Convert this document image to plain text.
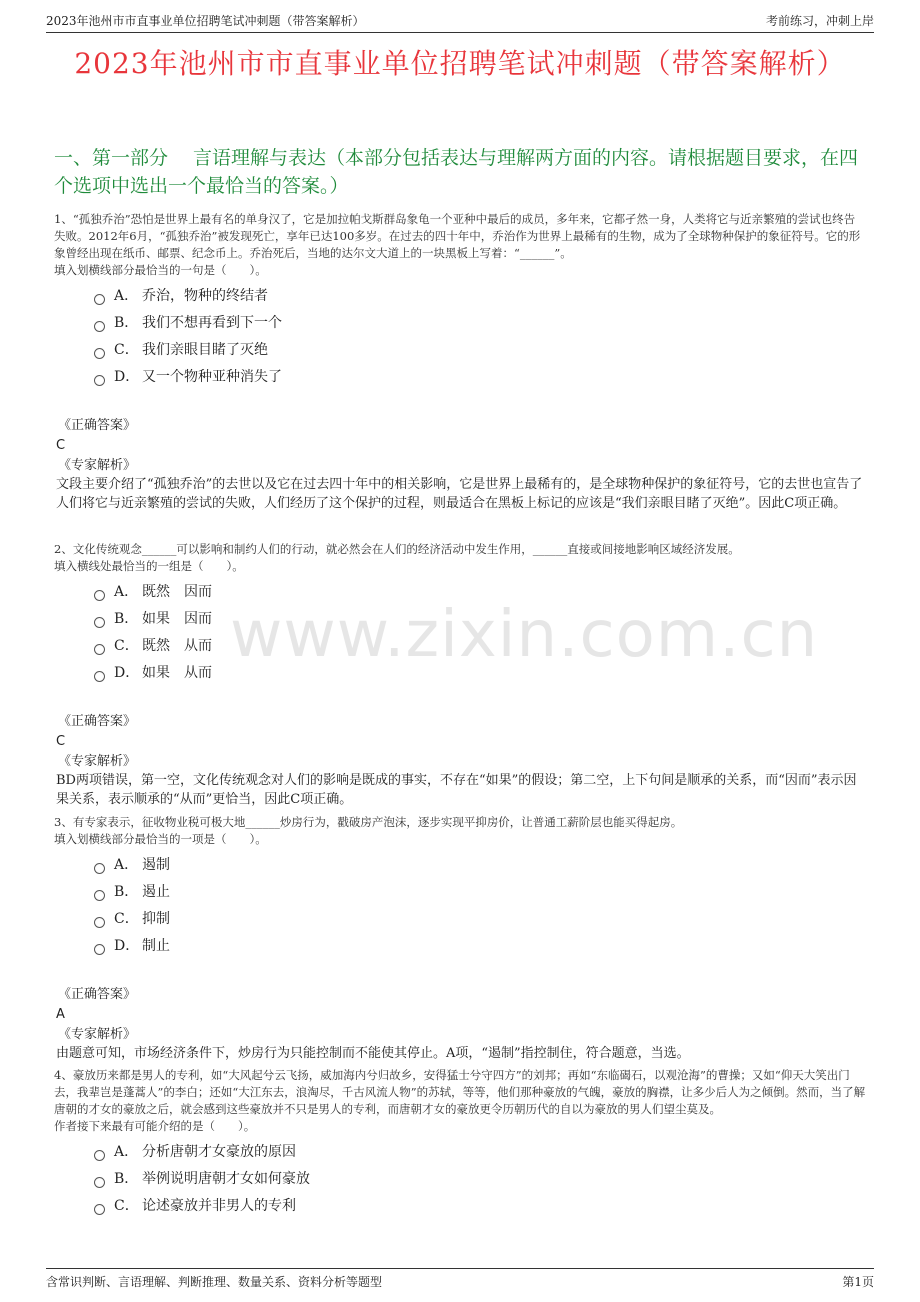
2023年池州市市直事业单位招聘笔试冲刺题（带答案解析）	考前练习，冲刺上岸
2023年池州市市直事业单位招聘笔试冲刺题（带答案解析）
一、第一部分　 言语理解与表达（本部分包括表达与理解两方面的内容。请根据题目要求，在四个选项中选出一个最恰当的答案。）
www.zixin.com.cn

1、“孤独乔治”恐怕是世界上最有名的单身汉了，它是加拉帕戈斯群岛象龟一个亚种中最后的成员，多年来，它都孑然一身，人类将它与近亲繁殖的尝试也终告失败。2012年6月，“孤独乔治”被发现死亡，享年已达100多岁。在过去的四十年中，乔治作为世界上最稀有的生物，成为了全球物种保护的象征符号。它的形象曾经出现在纸币、邮票、纪念币上。乔治死后，当地的达尔文大道上的一块黑板上写着：“______”。

填入划横线部分最恰当的一句是（　　）。

A． 乔治，物种的终结者
B． 我们不想再看到下一个
C． 我们亲眼目睹了灭绝
D． 又一个物种亚种消失了
《正确答案》
C
《专家解析》
文段主要介绍了“孤独乔治”的去世以及它在过去四十年中的相关影响，它是世界上最稀有的，是全球物种保护的象征符号，它的去世也宣告了人们将它与近亲繁殖的尝试的失败，人们经历了这个保护的过程，则最适合在黑板上标记的应该是“我们亲眼目睹了灭绝”。因此C项正确。

2、文化传统观念______可以影响和制约人们的行动，就必然会在人们的经济活动中发生作用，______直接或间接地影响区域经济发展。

填入横线处最恰当的一组是（　　）。

A． 既然　因而
B． 如果　因而
C． 既然　从而
D． 如果　从而
《正确答案》
C
《专家解析》
BD两项错误，第一空，文化传统观念对人们的影响是既成的事实，不存在“如果”的假设；第二空，上下句间是顺承的关系，而“因而”表示因果关系，表示顺承的“从而”更恰当，因此C项正确。

3、有专家表示，征收物业税可极大地______炒房行为，戳破房产泡沫，逐步实现平抑房价，让普通工薪阶层也能买得起房。

填入划横线部分最恰当的一项是（　　）。

A． 遏制
B． 遏止
C． 抑制
D． 制止
《正确答案》
A
《专家解析》
由题意可知，市场经济条件下，炒房行为只能控制而不能使其停止。A项，“遏制”指控制住，符合题意，当选。

4、豪放历来都是男人的专利，如“大风起兮云飞扬，威加海内兮归故乡，安得猛士兮守四方”的刘邦；再如“东临碣石，以观沧海”的曹操；又如“仰天大笑出门去，我辈岂是蓬蒿人”的李白；还如“大江东去，浪淘尽，千古风流人物”的苏轼，等等，他们那种豪放的气魄，豪放的胸襟，让多少后人为之倾倒。然而，当了解唐朝的才女的豪放之后，就会感到这些豪放并不只是男人的专利，而唐朝才女的豪放更令历朝历代的自以为豪放的男人们望尘莫及。

作者接下来最有可能介绍的是（　　）。

A． 分析唐朝才女豪放的原因
B． 举例说明唐朝才女如何豪放
C． 论述豪放并非男人的专利
含常识判断、言语理解、判断推理、数量关系、资料分析等题型	第1页
